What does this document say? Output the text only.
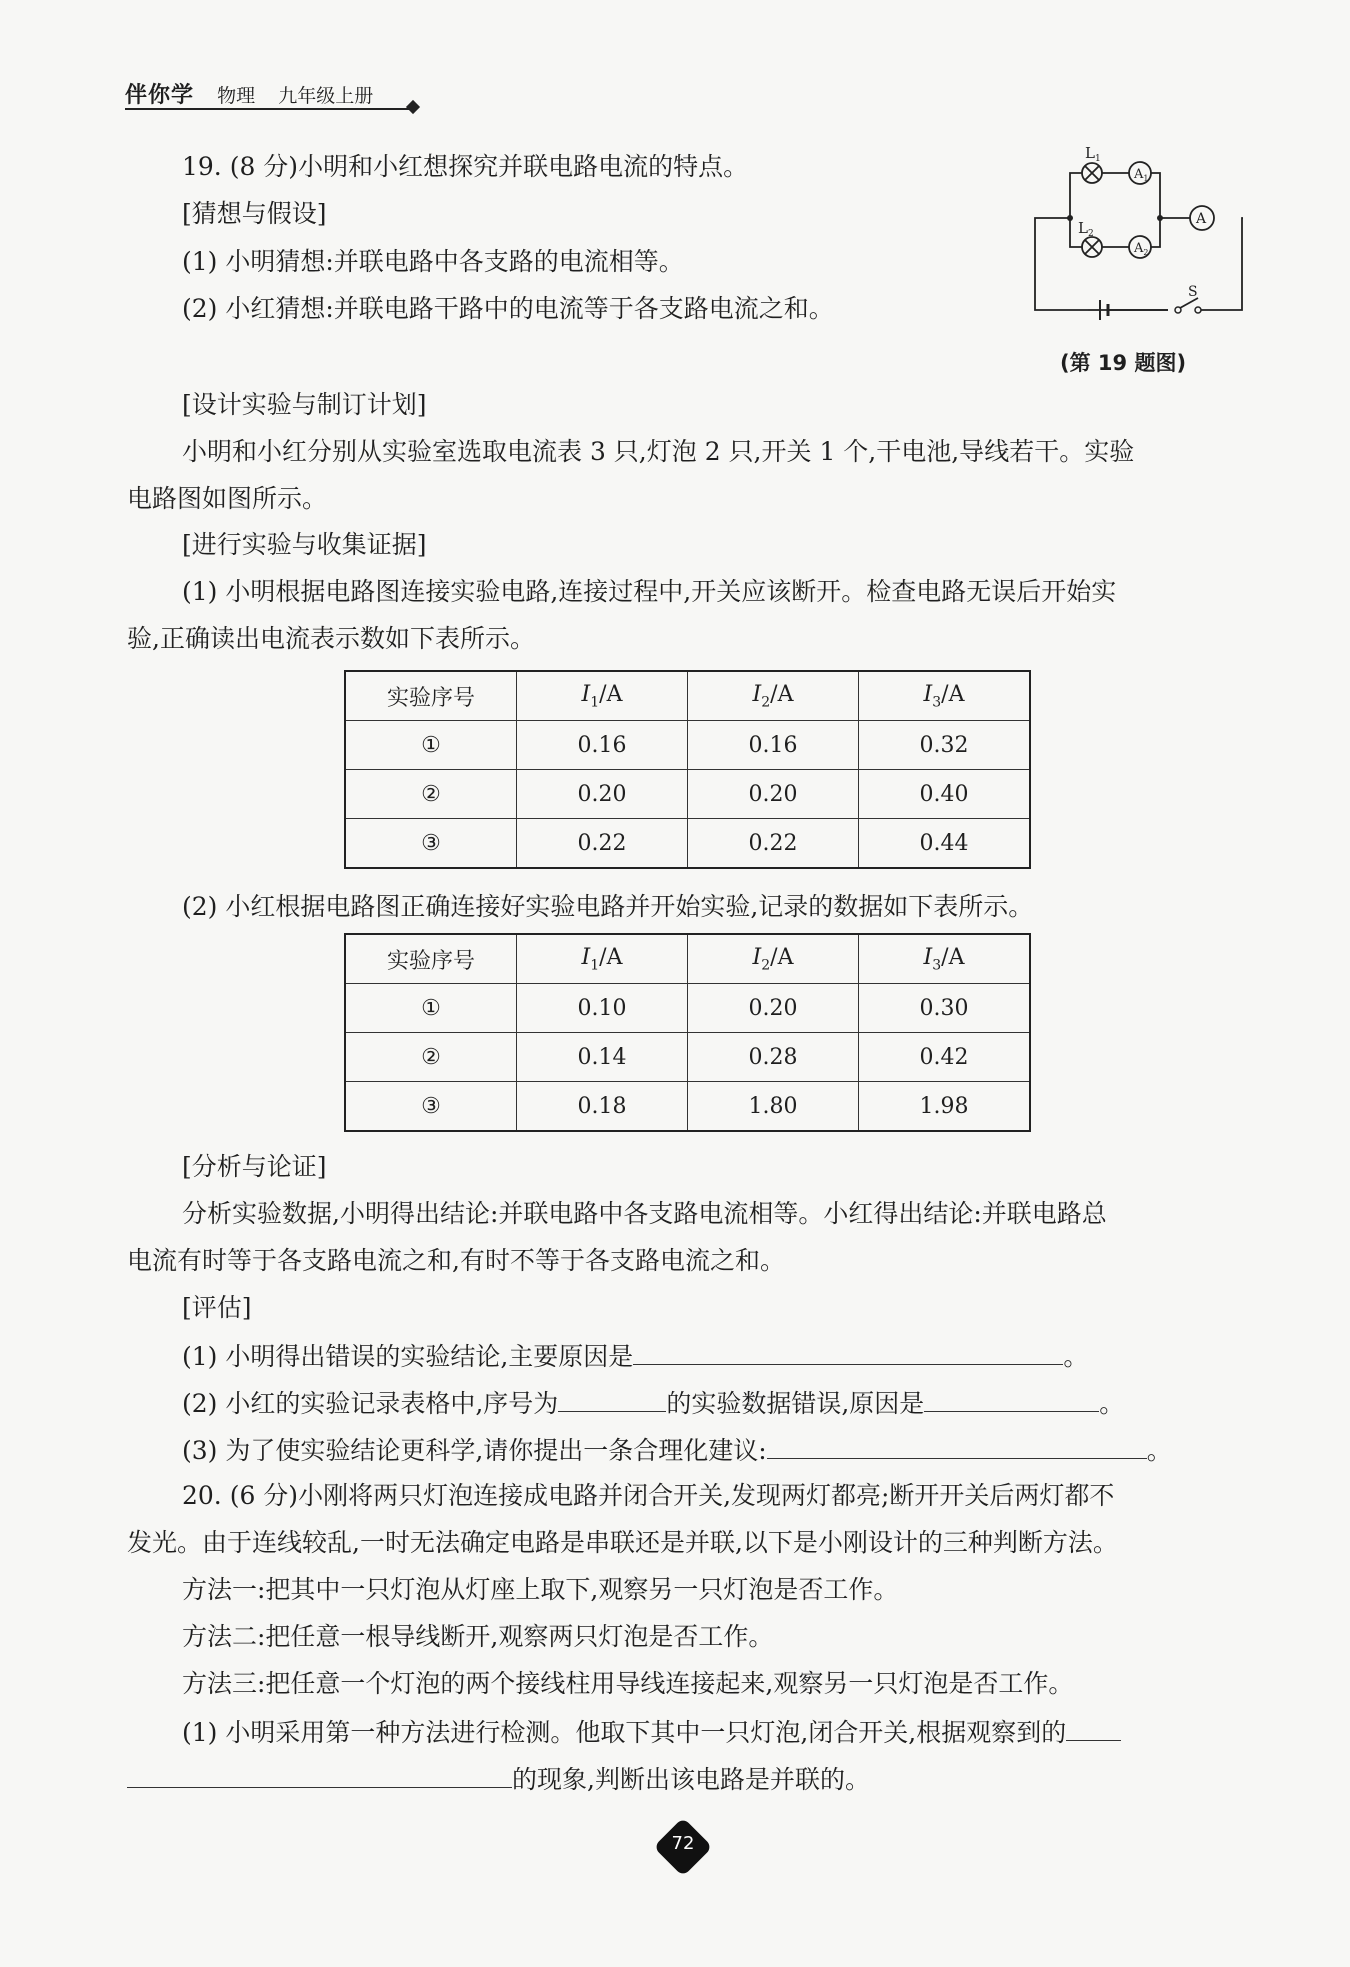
伴你学 物理 九年级上册
19. (8 分)小明和小红想探究并联电路电流的特点。
[猜想与假设]
(1) 小明猜想:并联电路中各支路的电流相等。
(2) 小红猜想:并联电路干路中的电流等于各支路电流之和。
$L_1$
$L_2$
$A_1$
$A_2$
A
S
(第 19 题图)
[设计实验与制订计划]
小明和小红分别从实验室选取电流表 3 只,灯泡 2 只,开关 1 个,干电池,导线若干。实验
电路图如图所示。
[进行实验与收集证据]
(1) 小明根据电路图连接实验电路,连接过程中,开关应该断开。检查电路无误后开始实
验,正确读出电流表示数如下表所示。
实验序号	$I_1/A$	$I_2/A$	$I_3/A$
①	0.16	0.16	0.32
②	0.20	0.20	0.40
③	0.22	0.22	0.44
(2) 小红根据电路图正确连接好实验电路并开始实验,记录的数据如下表所示。
实验序号	$I_1/A$	$I_2/A$	$I_3/A$
①	0.10	0.20	0.30
②	0.14	0.28	0.42
③	0.18	1.80	1.98
[分析与论证]
分析实验数据,小明得出结论:并联电路中各支路电流相等。小红得出结论:并联电路总
电流有时等于各支路电流之和,有时不等于各支路电流之和。
[评估]
(1) 小明得出错误的实验结论,主要原因是	。
(2) 小红的实验记录表格中,序号为	的实验数据错误,原因是	。
(3) 为了使实验结论更科学,请你提出一条合理化建议:	。
20. (6 分)小刚将两只灯泡连接成电路并闭合开关,发现两灯都亮;断开开关后两灯都不
发光。由于连线较乱,一时无法确定电路是串联还是并联,以下是小刚设计的三种判断方法。
方法一:把其中一只灯泡从灯座上取下,观察另一只灯泡是否工作。
方法二:把任意一根导线断开,观察两只灯泡是否工作。
方法三:把任意一个灯泡的两个接线柱用导线连接起来,观察另一只灯泡是否工作。
(1) 小明采用第一种方法进行检测。他取下其中一只灯泡,闭合开关,根据观察到的
的现象,判断出该电路是并联的。
72
